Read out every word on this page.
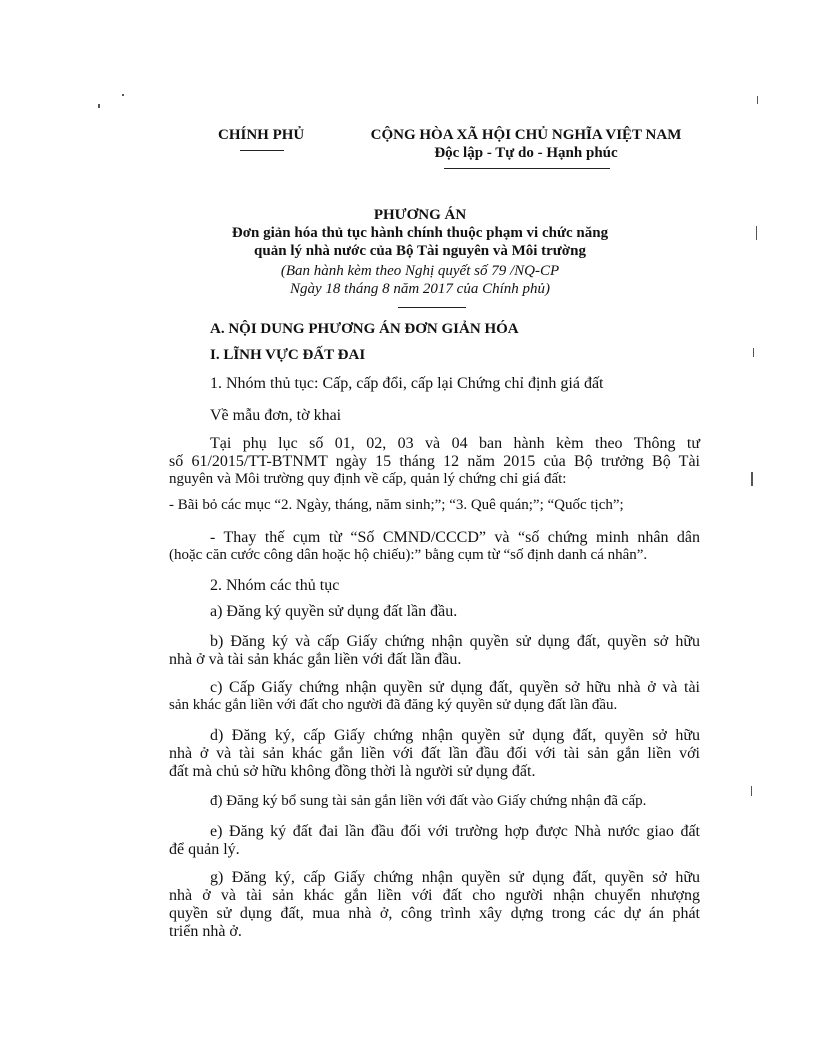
CHÍNH PHỦ	CỘNG HÒA XÃ HỘI CHỦ NGHĨA VIỆT NAM
Độc lập - Tự do - Hạnh phúc
PHƯƠNG ÁN
Đơn giản hóa thủ tục hành chính thuộc phạm vi chức năng
quản lý nhà nước của Bộ Tài nguyên và Môi trường
(Ban hành kèm theo Nghị quyết số 79 /NQ-CP
Ngày 18 tháng 8 năm 2017 của Chính phủ)
A. NỘI DUNG PHƯƠNG ÁN ĐƠN GIẢN HÓA
I. LĨNH VỰC ĐẤT ĐAI
1. Nhóm thủ tục: Cấp, cấp đổi, cấp lại Chứng chỉ định giá đất
Về mẫu đơn, tờ khai
Tại phụ lục số 01, 02, 03 và 04 ban hành kèm theo Thông tư
số 61/2015/TT-BTNMT ngày 15 tháng 12 năm 2015 của Bộ trưởng Bộ Tài
nguyên và Môi trường quy định về cấp, quản lý chứng chỉ giá đất:
- Bãi bỏ các mục “2. Ngày, tháng, năm sinh;”; “3. Quê quán;”; “Quốc tịch”;
- Thay thế cụm từ “Số CMND/CCCD” và “số chứng minh nhân dân
(hoặc căn cước công dân hoặc hộ chiếu):” bằng cụm từ “số định danh cá nhân”.
2. Nhóm các thủ tục
a) Đăng ký quyền sử dụng đất lần đầu.
b) Đăng ký và cấp Giấy chứng nhận quyền sử dụng đất, quyền sở hữu
nhà ở và tài sản khác gắn liền với đất lần đầu.
c) Cấp Giấy chứng nhận quyền sử dụng đất, quyền sở hữu nhà ở và tài
sản khác gắn liền với đất cho người đã đăng ký quyền sử dụng đất lần đầu.
d) Đăng ký, cấp Giấy chứng nhận quyền sử dụng đất, quyền sở hữu
nhà ở và tài sản khác gắn liền với đất lần đầu đối với tài sản gắn liền với
đất mà chủ sở hữu không đồng thời là người sử dụng đất.
đ) Đăng ký bổ sung tài sản gắn liền với đất vào Giấy chứng nhận đã cấp.
e) Đăng ký đất đai lần đầu đối với trường hợp được Nhà nước giao đất
để quản lý.
g) Đăng ký, cấp Giấy chứng nhận quyền sử dụng đất, quyền sở hữu
nhà ở và tài sản khác gắn liền với đất cho người nhận chuyển nhượng
quyền sử dụng đất, mua nhà ở, công trình xây dựng trong các dự án phát
triển nhà ở.
